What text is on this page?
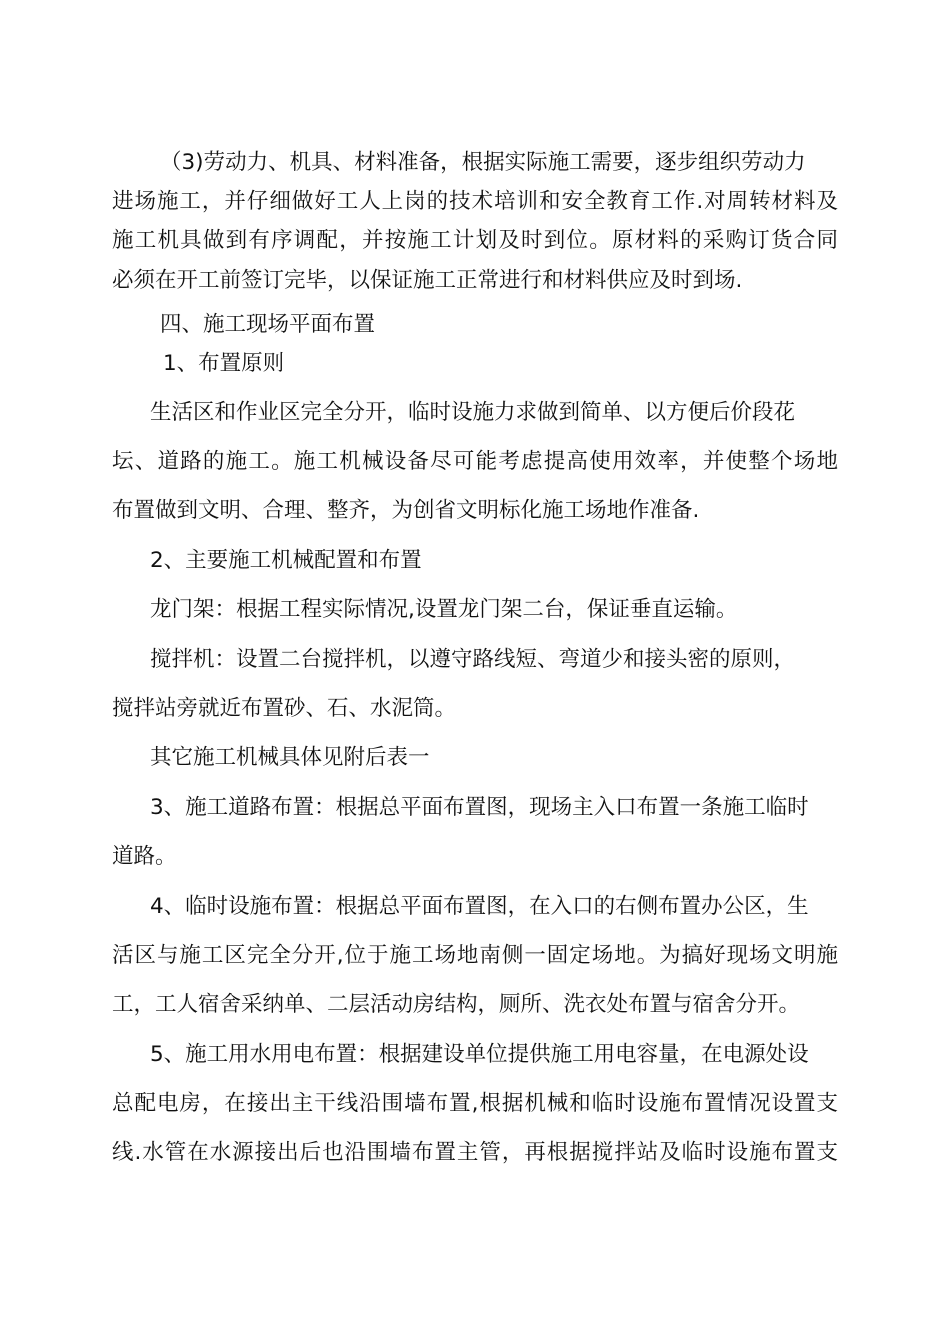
（3)劳动力、机具、材料准备，根据实际施工需要，逐步组织劳动力

进场施工，并仔细做好工人上岗的技术培训和安全教育工作.对周转材料及

施工机具做到有序调配，并按施工计划及时到位。原材料的采购订货合同

必须在开工前签订完毕，以保证施工正常进行和材料供应及时到场.

四、施工现场平面布置

1、布置原则

生活区和作业区完全分开，临时设施力求做到简单、以方便后价段花

坛、道路的施工。施工机械设备尽可能考虑提高使用效率，并使整个场地

布置做到文明、合理、整齐，为创省文明标化施工场地作准备.

2、主要施工机械配置和布置

龙门架：根据工程实际情况,设置龙门架二台，保证垂直运输。

搅拌机：设置二台搅拌机，以遵守路线短、弯道少和接头密的原则，

搅拌站旁就近布置砂、石、水泥筒。

其它施工机械具体见附后表一

3、施工道路布置：根据总平面布置图，现场主入口布置一条施工临时

道路。

4、临时设施布置：根据总平面布置图，在入口的右侧布置办公区，生

活区与施工区完全分开,位于施工场地南侧一固定场地。为搞好现场文明施

工，工人宿舍采纳单、二层活动房结构，厕所、洗衣处布置与宿舍分开。

5、施工用水用电布置：根据建设单位提供施工用电容量，在电源处设

总配电房，在接出主干线沿围墙布置,根据机械和临时设施布置情况设置支

线.水管在水源接出后也沿围墙布置主管，再根据搅拌站及临时设施布置支
